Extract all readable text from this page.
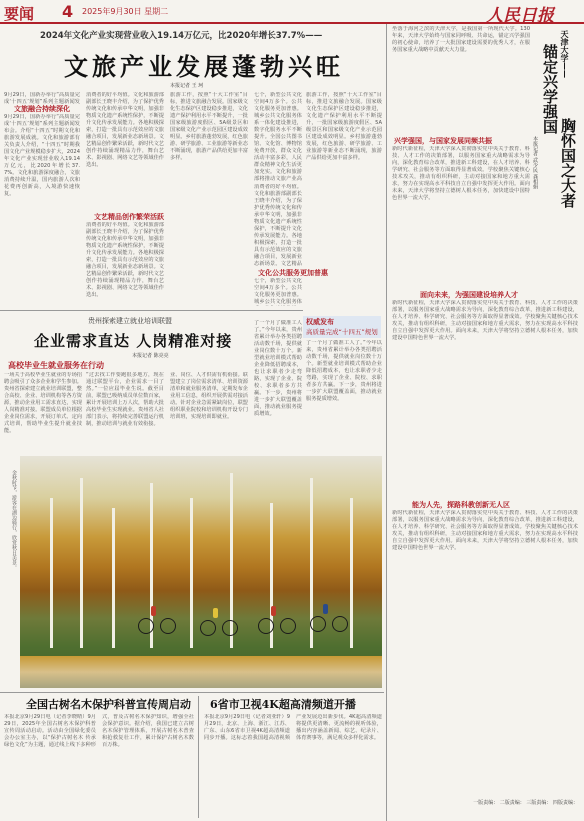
要闻 4 2025年9月30日 星期二	人民日报
2024年文化产业实现营业收入19.14万亿元，比2020年增长37.7%——
文旅产业发展蓬勃兴旺
本报记者 王 珂
9月29日，国新办举行“高质量完成‘十四五’规划”系列主题新闻发
文旅融合持续深化
9月29日，国新办举行“高质量完成‘十四五’规划”系列主题新闻发布会。介绍“十四五”时期文化和旅游发展成就。文化和旅游部有关负责人介绍，“十四五”时期我国文化产业规模稳步扩大，2024年文化产业实现营业收入19.14万亿元，比2020年增长37.7%。文化和旅游深度融合，文旅消费持续升温，国内旅游人次和花费再创新高，入境游快速恢复。
消费者的好平均值。文化和旅游部副部长王晓丰介绍，为了保护优秀传统文化和传承中华文明，加强非物质文化遗产系统性保护，不断提升文化传承发展能力。各地积极探索，打造一批具有示范效应的文旅融合项目，发展新业态新场景。文艺精品创作繁荣活跃，新时代文艺创作持续涌现精品力作，舞台艺术、影视剧、网络文艺等领域佳作迭出。
文艺精品创作繁荣活跃
消费者的好平均值。文化和旅游部副部长王晓丰介绍，为了保护优秀传统文化和传承中华文明，加强非物质文化遗产系统性保护，不断提升文化传承发展能力。各地积极探索，打造一批具有示范效应的文旅融合项目，发展新业态新场景。文艺精品创作繁荣活跃，新时代文艺创作持续涌现精品力作，舞台艺术、影视剧、网络文艺等领域佳作迭出。
旅游工作，按照“十大工作室”目标，推进文旅融合发展。国家级文化生态保护区建设稳步推进，文化遗产保护利用水平不断提升，一批国家级旅游度假区、5A级景区和国家级文化产业示范园区建设成效明显。乡村旅游蓬勃发展，红色旅游、研学旅游、工业旅游等新业态不断涌现，旅游产品供给更加丰富多样。
七个，新型公共文化空间4万多个。公共文化服务更加普惠。城乡公共文化服务体系一体化建设推进，数字化服务水平不断提升。全国公共图书馆、文化馆、博物馆免费开放，群众文化活动丰富多彩，人民群众精神文化生活更加充实。文化和旅游部将推动文旅产业高
文化公共服务更加普惠
消费者的好平均值。文化和旅游部副部长王晓丰介绍，为了保护优秀传统文化和传承中华文明，加强非物质文化遗产系统性保护，不断提升文化传承发展能力。各地积极探索，打造一批具有示范效应的文旅融合项目，发展新业态新场景。文艺精品
七个，新型公共文化空间4万多个。公共文化服务更加普惠。城乡公共文化服务体
旅游工作，按照“十大工作室”目标，推进文旅融合发展。国家级文化生态保护区建设稳步推进，文化遗产保护利用水平不断提升，一批国家级旅游度假区、5A级景区和国家级文化产业示范园区建设成效明显。乡村旅游蓬勃发展，红色旅游、研学旅游、工业旅游等新业态不断涌现，旅游产品供给更加丰富多样。
权威发布
高质量完成“十四五”规划
贵州探索建立就业培训联盟
企业需求直达 人岗精准对接
本报记者 陈亮亮
高校毕业生就业服务在行动
一场关于高校毕业生就业的专场招聘会吸引了众多企业和学生参加。贵州省探索建立就业培训联盟，整合高校、企业、培训机构等各方资源，推动企业用工需求直达，实现人岗精准对接。联盟成员单位根据企业岗位需求，开展订单式、定向式培训，帮助毕业生提升就业技能。
“过去找工作要跑很多地方，现在通过联盟平台，企业需求一目了然。”一位应届毕业生说。截至目前，联盟已吸纳成员单位数百家，累计开展培训上万人次，帮助大批高校毕业生实现就业。贵州省人社部门表示，将持续完善联盟运行机制，推动培训与就业有效衔接。
业、岗位、人才供需有机衔接。联盟建立了岗位需求清单、培训资源清单和就业服务清单，定期发布企业用工信息，组织开展供需对接活动。针对企业急需紧缺岗位，联盟组织职业院校和培训机构开设专门培训班，实现培训即就业。
了一个月了做准工人了。”今年以来，贵州省累计举办各类招聘活动数千场，提供就业岗位数十万个。新型就业培训模式帮助企业降低招聘成本，也让求职者少走弯路，实现了企业、院校、求职者多方共赢。下一步，贵州将进一步扩大联盟覆盖面，推动就业服务提质增效。
了一个月了做准工人了。”今年以来，贵州省累计举办各类招聘活动数千场，提供就业岗位数十万个。新型就业培训模式帮助企业降低招聘成本，也让求职者少走弯路，实现了企业、院校、求职者多方共赢。下一步，贵州将进一步扩大联盟覆盖面，推动就业服务提质增效。
金秋时节，游客在湖边骑行，欣赏秋日美景。
全国古树名木保护科普宣传周启动
本报北京9月29日电（记者李晓晴）9月29日，2025年全国古树名木保护科普宣传周活动启动。活动由全国绿化委员会办公室主办，以“保护古树名木 传承绿色文化”为主题，通过线上线下多种形式，普及古树名木保护知识，增强全社会保护意识。据介绍，我国已建立古树名木保护管理体系，开展古树名木普查和抢救复壮工作，累计保护古树名木数百万株。
6省市卫视4K超高清频道开播
本报北京9月29日电（记者刘亚轩）9月29日，北京、上海、浙江、江苏、广东、山东6省市卫视4K超高清频道同步开播。这标志着我国超高清视频产业发展迈出新步伐。4K超高清频道将提供更清晰、更流畅的视听体验，播出内容涵盖新闻、综艺、纪录片、体育赛事等，满足观众多样化需求。
坐落于海河之滨的天津大学，是我国第一所现代大学。130年来，天津大学始终与国家同呼吸、共命运，锚定兴学强国的初心使命，培养了一大批国家建设需要的优秀人才，在服务国家重大战略中贡献天大力量。	天津大学——
锚定兴学强国
胸怀国之大者
本报记者 武少民 龚相娟
兴学强国，与国家发展同频共振
新时代新征程，天津大学深入贯彻落实党中央关于教育、科技、人才工作的决策部署，以服务国家重大战略需求为导向，深化教育综合改革，推进新工科建设，在人才培养、科学研究、社会服务等方面取得显著成效。学校聚焦关键核心技术攻关，推动有组织科研，主动对接国家和地方重大需求，努力在实现高水平科技自立自强中发挥更大作用。面向未来，天津大学将坚持立德树人根本任务，加快建设中国特色世界一流大学。
面向未来，为强国建设培养人才
新时代新征程，天津大学深入贯彻落实党中央关于教育、科技、人才工作的决策部署，以服务国家重大战略需求为导向，深化教育综合改革，推进新工科建设，在人才培养、科学研究、社会服务等方面取得显著成效。学校聚焦关键核心技术攻关，推动有组织科研，主动对接国家和地方重大需求，努力在实现高水平科技自立自强中发挥更大作用。面向未来，天津大学将坚持立德树人根本任务，加快建设中国特色世界一流大学。
能为人先，探路科教创新无人区
新时代新征程，天津大学深入贯彻落实党中央关于教育、科技、人才工作的决策部署，以服务国家重大战略需求为导向，深化教育综合改革，推进新工科建设，在人才培养、科学研究、社会服务等方面取得显著成效。学校聚焦关键核心技术攻关，推动有组织科研，主动对接国家和地方重大需求，努力在实现高水平科技自立自强中发挥更大作用。面向未来，天津大学将坚持立德树人根本任务，加快建设中国特色世界一流大学。
一版责编： 二版责编： 三版责编： 四版责编：
